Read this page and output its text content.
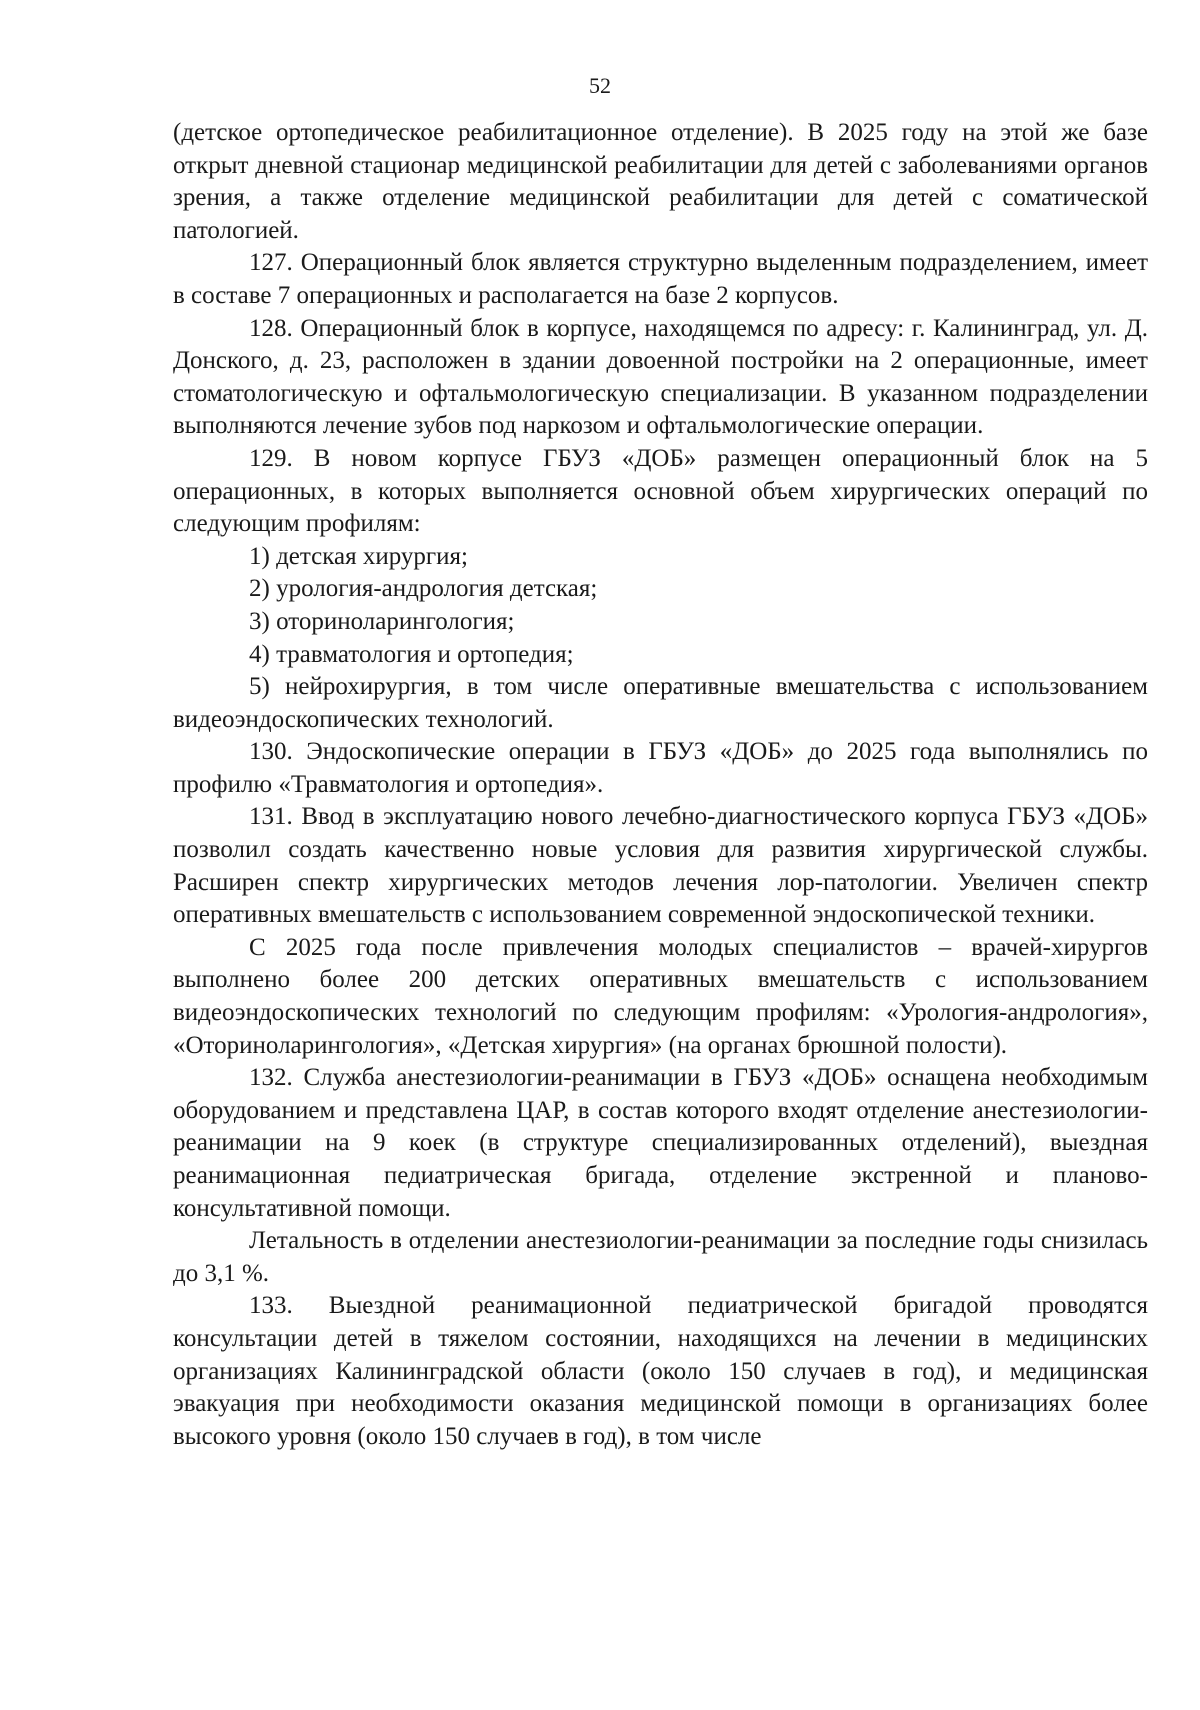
52

(детское ортопедическое реабилитационное отделение). В 2025 году на этой же базе открыт дневной стационар медицинской реабилитации для детей с заболеваниями органов зрения, а также отделение медицинской реабилитации для детей с соматической патологией.

127. Операционный блок является структурно выделенным подразделением, имеет в составе 7 операционных и располагается на базе 2 корпусов.

128. Операционный блок в корпусе, находящемся по адресу: г. Калининград, ул. Д. Донского, д. 23, расположен в здании довоенной постройки на 2 операционные, имеет стоматологическую и офтальмологическую специализации. В указанном подразделении выполняются лечение зубов под наркозом и офтальмологические операции.

129. В новом корпусе ГБУЗ «ДОБ» размещен операционный блок на 5 операционных, в которых выполняется основной объем хирургических операций по следующим профилям:

1) детская хирургия;

2) урология-андрология детская;

3) оториноларингология;

4) травматология и ортопедия;

5) нейрохирургия, в том числе оперативные вмешательства с использованием видеоэндоскопических технологий.

130. Эндоскопические операции в ГБУЗ «ДОБ» до 2025 года выполнялись по профилю «Травматология и ортопедия».

131. Ввод в эксплуатацию нового лечебно-диагностического корпуса ГБУЗ «ДОБ» позволил создать качественно новые условия для развития хирургической службы. Расширен спектр хирургических методов лечения лор-патологии. Увеличен спектр оперативных вмешательств с использованием современной эндоскопической техники.

С 2025 года после привлечения молодых специалистов – врачей-хирургов выполнено более 200 детских оперативных вмешательств с использованием видеоэндоскопических технологий по следующим профилям: «Урология-андрология», «Оториноларингология», «Детская хирургия» (на органах брюшной полости).

132. Служба анестезиологии-реанимации в ГБУЗ «ДОБ» оснащена необходимым оборудованием и представлена ЦАР, в состав которого входят отделение анестезиологии-реанимации на 9 коек (в структуре специализированных отделений), выездная реанимационная педиатрическая бригада, отделение экстренной и планово-консультативной помощи.

Летальность в отделении анестезиологии-реанимации за последние годы снизилась до 3,1 %.

133. Выездной реанимационной педиатрической бригадой проводятся консультации детей в тяжелом состоянии, находящихся на лечении в медицинских организациях Калининградской области (около 150 случаев в год), и медицинская эвакуация при необходимости оказания медицинской помощи в организациях более высокого уровня (около 150 случаев в год), в том числе
